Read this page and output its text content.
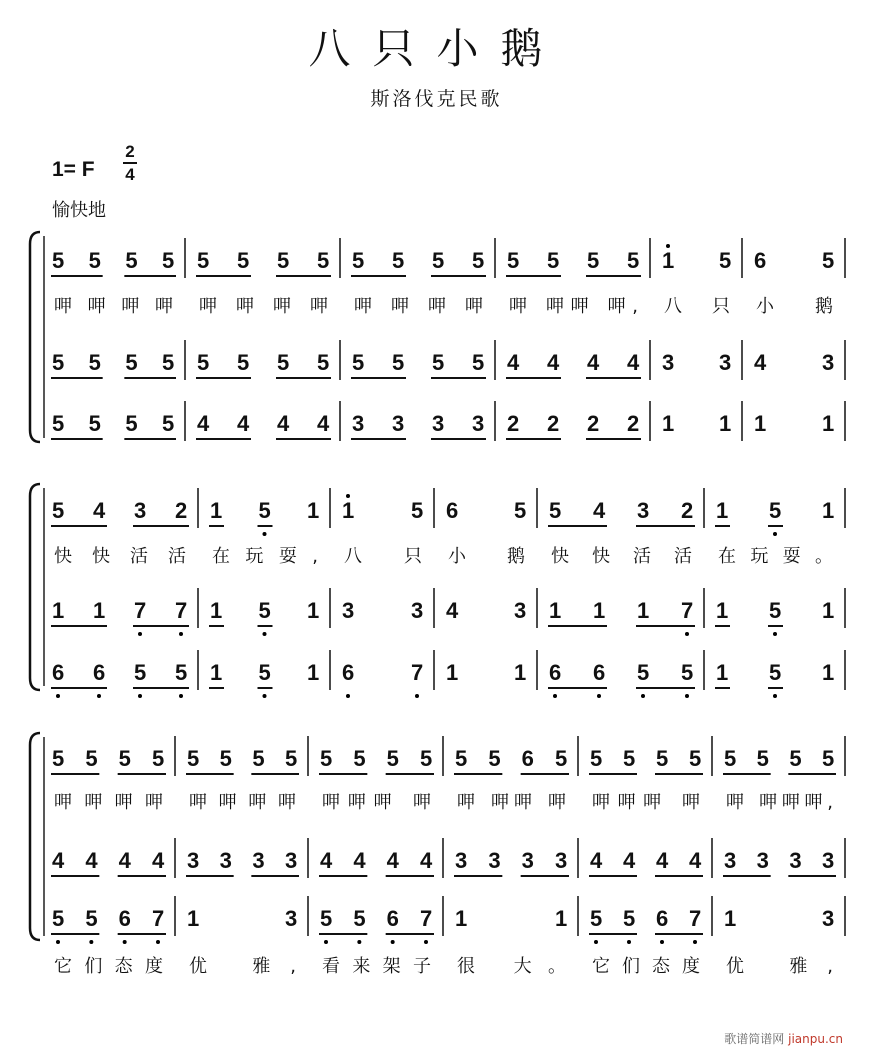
八只小鹅
斯洛伐克民歌
1= F
2
4
愉快地
5 5 5 5 5 5 5 5 5 5 5 5 5 5 5 5 1 5 6	5
呷呷呷呷 呷呷呷呷 呷呷呷呷 呷 呷呷 呷, 八只 小鹅
5 5 5 5 5 5 5 5 5 5 5 5 4 4 4 4 3 3 4	3
5 5 5 5 4 4 4 4 3 3 3 3 2 2 2 2 1 1 1	1
5 4 3 2 1 5 1 1	5 6	5 5 4 3 2 1 5 1
快快活活 在玩耍, 八只 小鹅 快快活活 在玩耍。
1 1 7 7 1 5 1 3	3 4	3 1 1 1 7 1 5 1
6 6 5 5 1 5 1 6	7 1	1 6 6 5 5 1 5 1
5 5 5 5 5 5 5 5 5 5 5 5 5 5 6 5 5 5 5 5 5 5 5 5
呷呷呷呷 呷呷呷呷 呷呷呷 呷 呷 呷呷 呷 呷呷呷 呷 呷 呷呷呷,
4 4 4 4 3 3 3 3 4 4 4 4 3 3 3 3 4 4 4 4 3 3 3 3
5 5 6 7 1	3 5 5 6 7 1	1 5 5 6 7 1	3
它们态度 优 雅, 看来架子 很 大。 它们态度 优 雅,
歌谱简谱网 jianpu.cn
